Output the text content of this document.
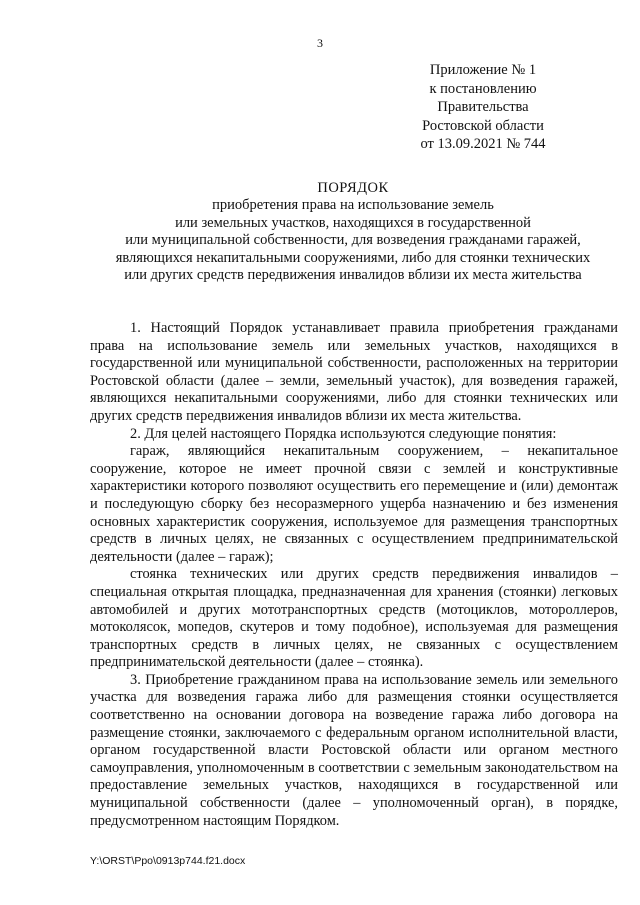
3
Приложение № 1
к постановлению
Правительства
Ростовской области
от 13.09.2021 № 744
ПОРЯДОК
приобретения права на использование земель
или земельных участков, находящихся в государственной
или муниципальной собственности, для возведения гражданами гаражей,
являющихся некапитальными сооружениями, либо для стоянки технических
или других средств передвижения инвалидов вблизи их места жительства

1. Настоящий Порядок устанавливает правила приобретения гражданами права на использование земель или земельных участков, находящихся в государственной или муниципальной собственности, расположенных на территории Ростовской области (далее – земли, земельный участок), для возведения гаражей, являющихся некапитальными сооружениями, либо для стоянки технических или других средств передвижения инвалидов вблизи их места жительства.

2. Для целей настоящего Порядка используются следующие понятия:

гараж, являющийся некапитальным сооружением, – некапитальное сооружение, которое не имеет прочной связи с землей и конструктивные характеристики которого позволяют осуществить его перемещение и (или) демонтаж и последующую сборку без несоразмерного ущерба назначению и без изменения основных характеристик сооружения, используемое для размещения транспортных средств в личных целях, не связанных с осуществлением предпринимательской деятельности (далее – гараж);

стоянка технических или других средств передвижения инвалидов – специальная открытая площадка, предназначенная для хранения (стоянки) легковых автомобилей и других мототранспортных средств (мотоциклов, мотороллеров, мотоколясок, мопедов, скутеров и тому подобное), используемая для размещения транспортных средств в личных целях, не связанных с осуществлением предпринимательской деятельности (далее – стоянка).

3. Приобретение гражданином права на использование земель или земельного участка для возведения гаража либо для размещения стоянки осуществляется соответственно на основании договора на возведение гаража либо договора на размещение стоянки, заключаемого с федеральным органом исполнительной власти, органом государственной власти Ростовской области или органом местного самоуправления, уполномоченным в соответствии с земельным законодательством на предоставление земельных участков, находящихся в государственной или муниципальной собственности (далее – уполномоченный орган), в порядке, предусмотренном настоящим Порядком.

Y:\ORST\Ppo\0913p744.f21.docx
